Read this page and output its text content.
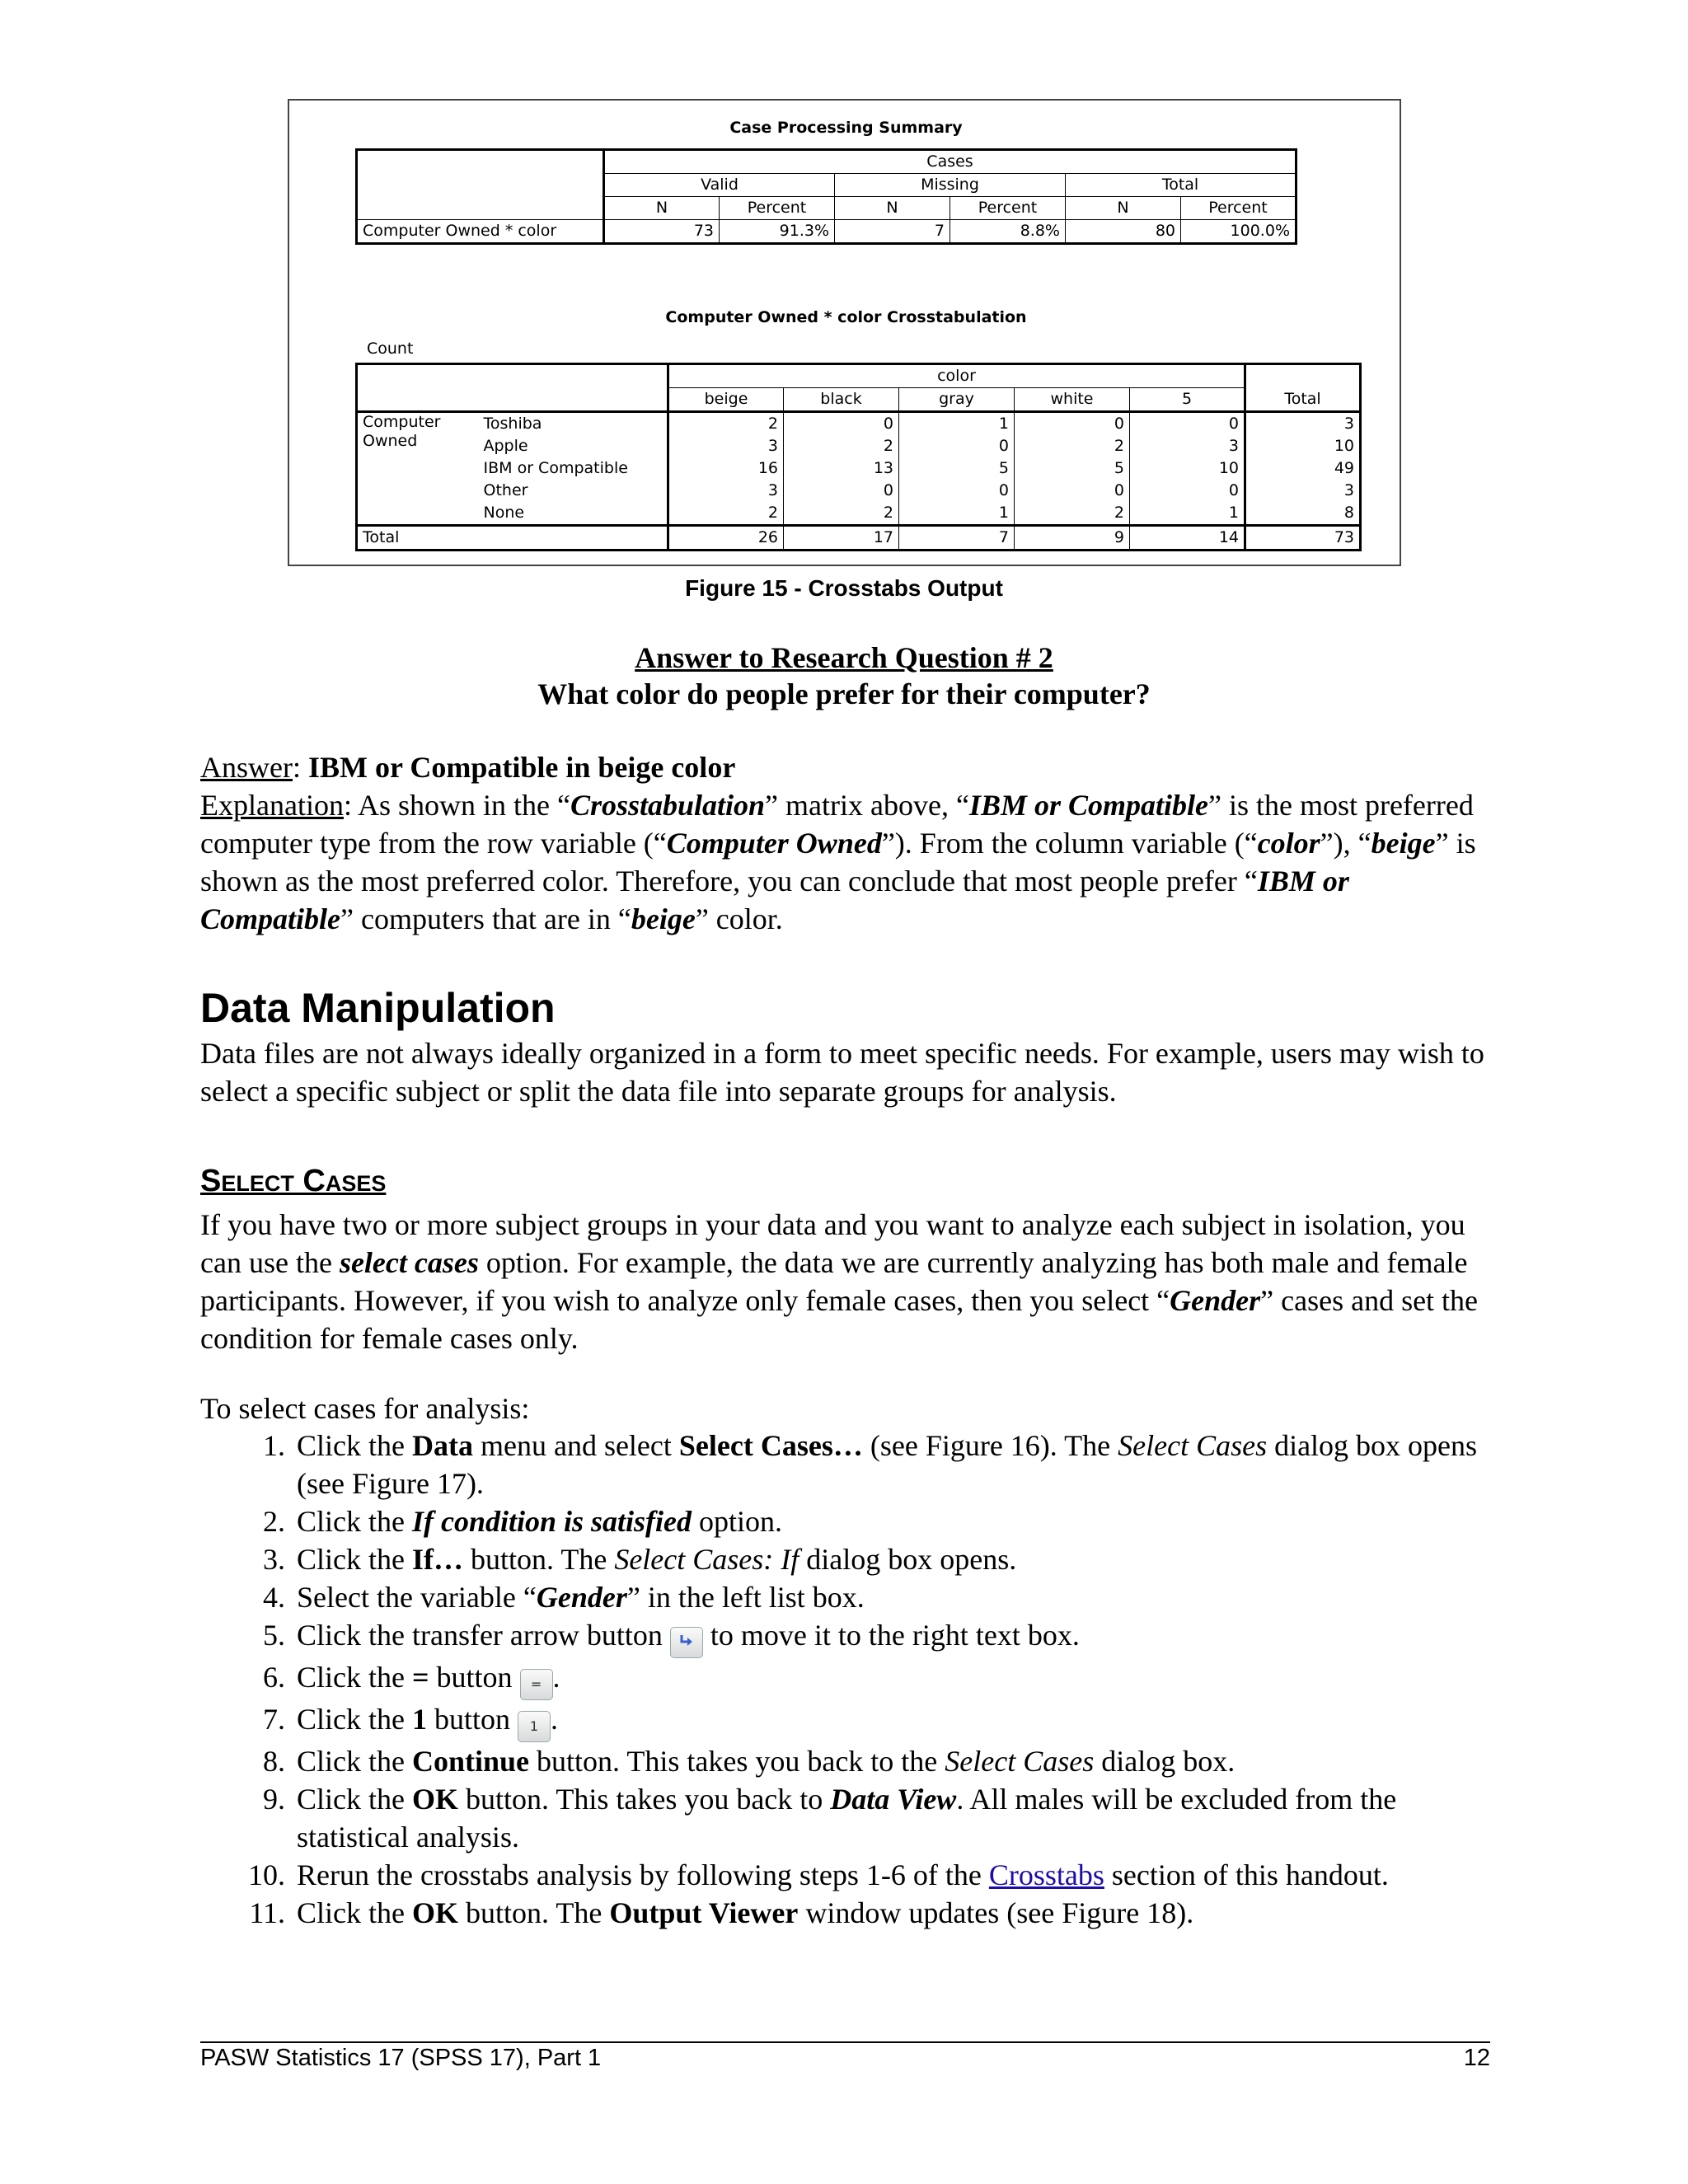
Case Processing Summary
	Cases					
	Valid		Missing		Total	
	N	Percent	N	Percent	N	Percent
Computer Owned * color	73	91.3%	7	8.8%	80	100.0%
Computer Owned * color Crosstabulation
Count
		color					
		beige	black	gray	white	5	Total
Computer
Owned	Toshiba	2	0	1	0	0	3
	Apple	3	2	0	2	3	10
	IBM or Compatible	16	13	5	5	10	49
	Other	3	0	0	0	0	3
	None	2	2	1	2	1	8
Total		26	17	7	9	14	73
Figure 15 - Crosstabs Output
Answer to Research Question # 2
What color do people prefer for their computer?
Answer: IBM or Compatible in beige color
Explanation: As shown in the “Crosstabulation” matrix above, “IBM or Compatible” is the most preferred computer type from the row variable (“Computer Owned”). From the column variable (“color”), “beige” is shown as the most preferred color. Therefore, you can conclude that most people prefer “IBM or Compatible” computers that are in “beige” color.
Data Manipulation
Data files are not always ideally organized in a form to meet specific needs. For example, users may wish to select a specific subject or split the data file into separate groups for analysis.
Select Cases
If you have two or more subject groups in your data and you want to analyze each subject in isolation, you can use the select cases option. For example, the data we are currently analyzing has both male and female participants. However, if you wish to analyze only female cases, then you select “Gender” cases and set the condition for female cases only.
To select cases for analysis:
1. Click the Data menu and select Select Cases… (see Figure 16). The Select Cases dialog box opens (see Figure 17).
2. Click the If condition is satisfied option.
3. Click the If… button. The Select Cases: If dialog box opens.
4. Select the variable “Gender” in the left list box.
5. Click the transfer arrow button  to move it to the right text box.
6. Click the = button = .
7. Click the 1 button 1 .
8. Click the Continue button. This takes you back to the Select Cases dialog box.
9. Click the OK button. This takes you back to Data View. All males will be excluded from the statistical analysis.
10. Rerun the crosstabs analysis by following steps 1-6 of the Crosstabs section of this handout.
11. Click the OK button. The Output Viewer window updates (see Figure 18).
PASW Statistics 17 (SPSS 17), Part 1	12
